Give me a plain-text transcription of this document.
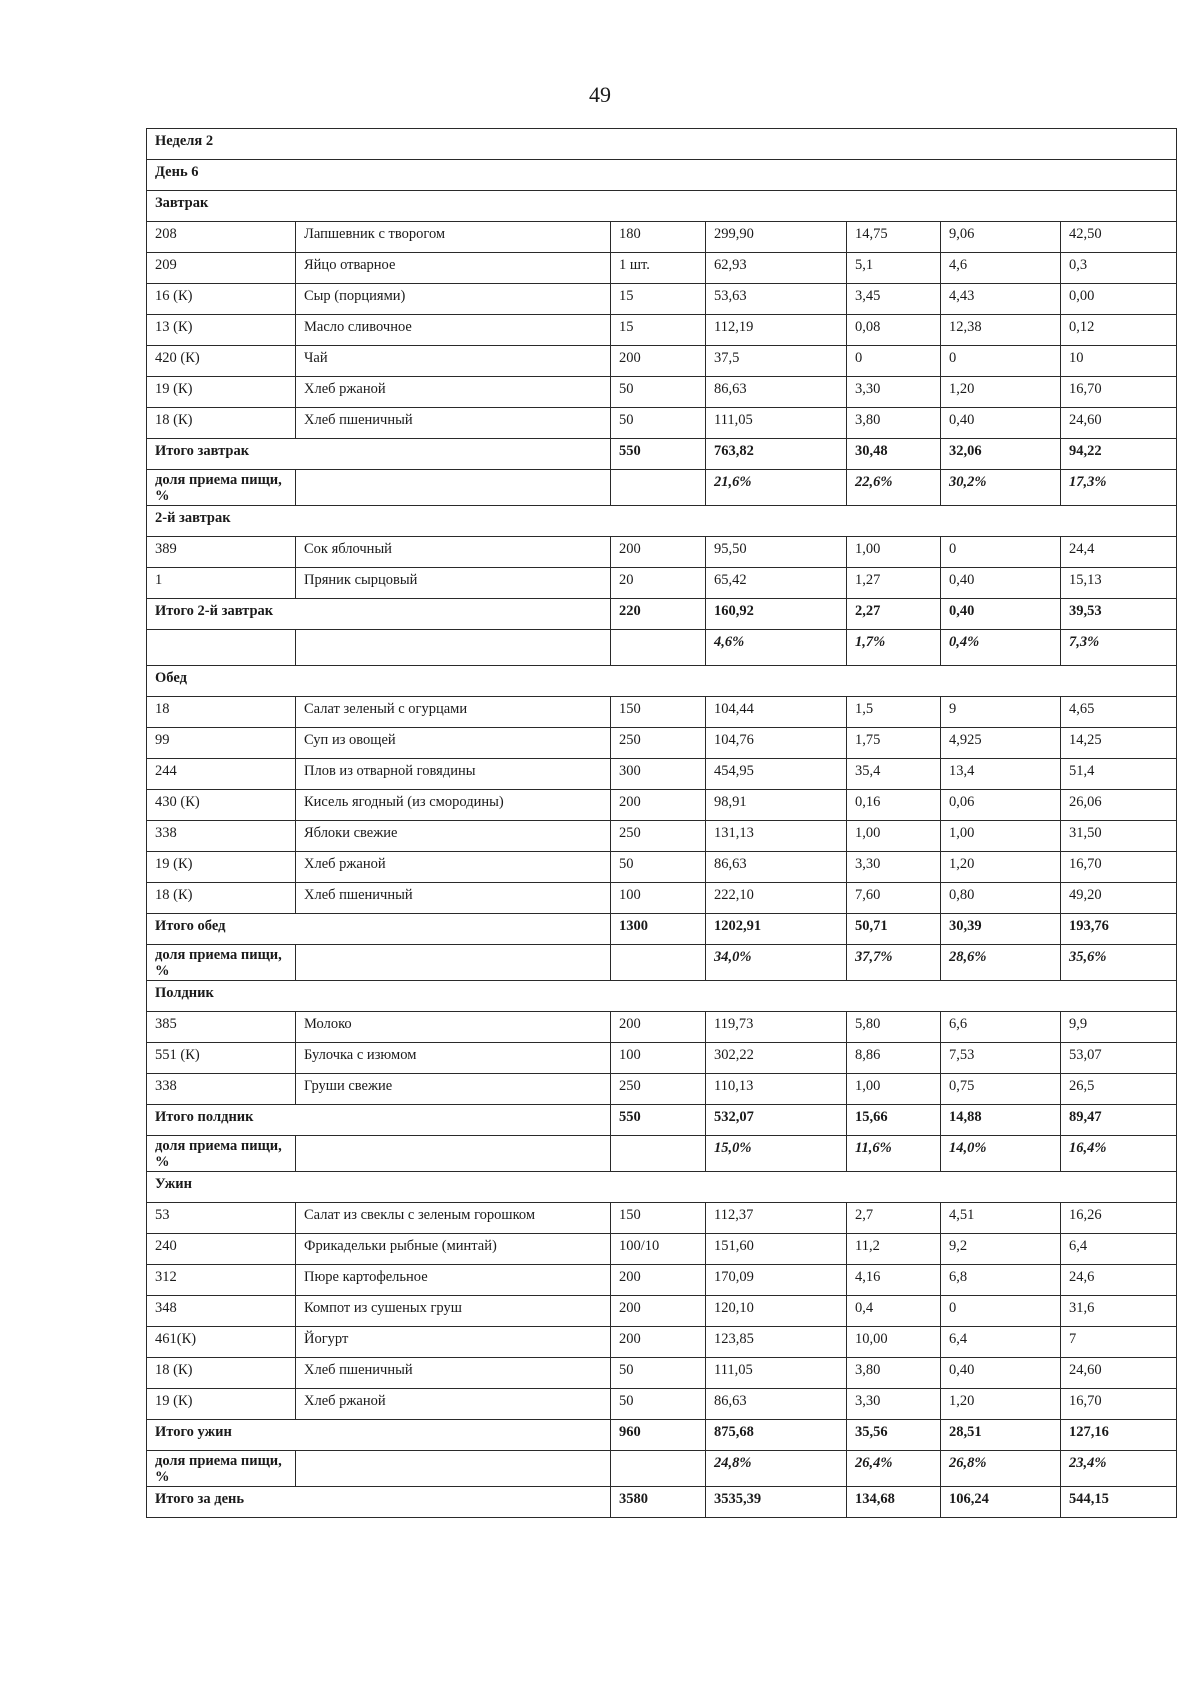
49
Неделя 2						
День 6						
Завтрак						
208	Лапшевник с творогом	180	299,90	14,75	9,06	42,50
209	Яйцо отварное	1 шт.	62,93	5,1	4,6	0,3
16 (К)	Сыр (порциями)	15	53,63	3,45	4,43	0,00
13 (К)	Масло сливочное	15	112,19	0,08	12,38	0,12
420 (К)	Чай	200	37,5	0	0	10
19 (К)	Хлеб ржаной	50	86,63	3,30	1,20	16,70
18 (К)	Хлеб пшеничный	50	111,05	3,80	0,40	24,60
Итого завтрак		550	763,82	30,48	32,06	94,22
доля приема пищи, %			21,6%	22,6%	30,2%	17,3%
2-й завтрак						
389	Сок яблочный	200	95,50	1,00	0	24,4
1	Пряник сырцовый	20	65,42	1,27	0,40	15,13
Итого 2-й завтрак		220	160,92	2,27	0,40	39,53
			4,6%	1,7%	0,4%	7,3%
Обед						
18	Салат зеленый с огурцами	150	104,44	1,5	9	4,65
99	Суп из овощей	250	104,76	1,75	4,925	14,25
244	Плов из отварной говядины	300	454,95	35,4	13,4	51,4
430 (К)	Кисель ягодный (из смородины)	200	98,91	0,16	0,06	26,06
338	Яблоки свежие	250	131,13	1,00	1,00	31,50
19 (К)	Хлеб ржаной	50	86,63	3,30	1,20	16,70
18 (К)	Хлеб пшеничный	100	222,10	7,60	0,80	49,20
Итого обед		1300	1202,91	50,71	30,39	193,76
доля приема пищи, %			34,0%	37,7%	28,6%	35,6%
Полдник						
385	Молоко	200	119,73	5,80	6,6	9,9
551 (К)	Булочка с изюмом	100	302,22	8,86	7,53	53,07
338	Груши свежие	250	110,13	1,00	0,75	26,5
Итого полдник		550	532,07	15,66	14,88	89,47
доля приема пищи, %			15,0%	11,6%	14,0%	16,4%
Ужин						
53	Салат из свеклы с зеленым горошком	150	112,37	2,7	4,51	16,26
240	Фрикадельки рыбные (минтай)	100/10	151,60	11,2	9,2	6,4
312	Пюре картофельное	200	170,09	4,16	6,8	24,6
348	Компот из сушеных груш	200	120,10	0,4	0	31,6
461(К)	Йогурт	200	123,85	10,00	6,4	7
18 (К)	Хлеб пшеничный	50	111,05	3,80	0,40	24,60
19 (К)	Хлеб ржаной	50	86,63	3,30	1,20	16,70
Итого ужин		960	875,68	35,56	28,51	127,16
доля приема пищи, %			24,8%	26,4%	26,8%	23,4%
Итого за день		3580	3535,39	134,68	106,24	544,15
